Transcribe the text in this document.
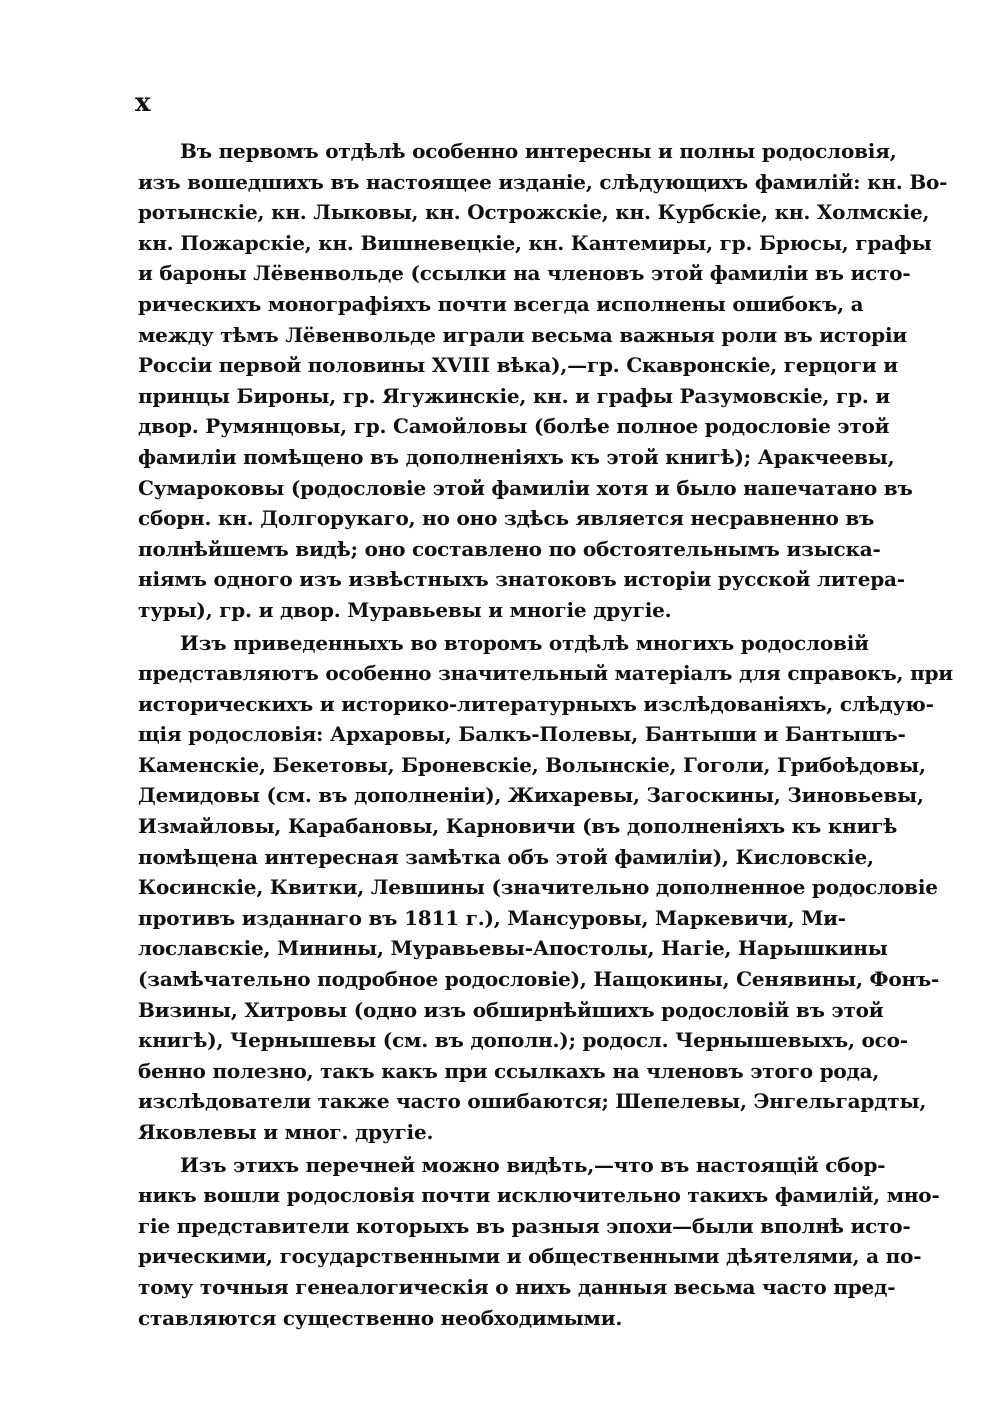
x
Въ первомъ отдѣлѣ особенно интересны и полны родословія,
изъ вошедшихъ въ настоящее изданіе, слѣдующихъ фамилій: кн. Во-
ротынскіе, кн. Лыковы, кн. Острожскіе, кн. Курбскіе, кн. Холмскіе,
кн. Пожарскіе, кн. Вишневецкіе, кн. Кантемиры, гр. Брюсы, графы
и бароны Лёвенвольде (ссылки на членовъ этой фамиліи въ исто-
рическихъ монографіяхъ почти всегда исполнены ошибокъ, а
между тѣмъ Лёвенвольде играли весьма важныя роли въ исторіи
Россіи первой половины XVIII вѣка),—гр. Скавронскіе, герцоги и
принцы Бироны, гр. Ягужинскіе, кн. и графы Разумовскіе, гр. и
двор. Румянцовы, гр. Самойловы (болѣе полное родословіе этой
фамиліи помѣщено въ дополненіяхъ къ этой книгѣ); Аракчеевы,
Сумароковы (родословіе этой фамиліи хотя и было напечатано въ
сборн. кн. Долгорукаго, но оно здѣсь является несравненно въ
полнѣйшемъ видѣ; оно составлено по обстоятельнымъ изыска-
ніямъ одного изъ извѣстныхъ знатоковъ исторіи русской литера-
туры), гр. и двор. Муравьевы и многіе другіе.
Изъ приведенныхъ во второмъ отдѣлѣ многихъ родословій
представляютъ особенно значительный матеріалъ для справокъ, при
историческихъ и историко-литературныхъ изслѣдованіяхъ, слѣдую-
щія родословія: Архаровы, Балкъ-Полевы, Бантыши и Бантышъ-
Каменскіе, Бекетовы, Броневскіе, Волынскіе, Гоголи, Грибоѣдовы,
Демидовы (см. въ дополненіи), Жихаревы, Загоскины, Зиновьевы,
Измайловы, Карабановы, Карновичи (въ дополненіяхъ къ книгѣ
помѣщена интересная замѣтка объ этой фамиліи), Кисловскіе,
Косинскіе, Квитки, Левшины (значительно дополненное родословіе
противъ изданнаго въ 1811 г.), Мансуровы, Маркевичи, Ми-
лославскіе, Минины, Муравьевы-Апостолы, Нагіе, Нарышкины
(замѣчательно подробное родословіе), Нащокины, Сенявины, Фонъ-
Визины, Хитровы (одно изъ обширнѣйшихъ родословій въ этой
книгѣ), Чернышевы (см. въ дополн.); родосл. Чернышевыхъ, осо-
бенно полезно, такъ какъ при ссылкахъ на членовъ этого рода,
изслѣдователи также часто ошибаются; Шепелевы, Энгельгардты,
Яковлевы и мног. другіе.
Изъ этихъ перечней можно видѣть,—что въ настоящій сбор-
никъ вошли родословія почти исключительно такихъ фамилій, мно-
гіе представители которыхъ въ разныя эпохи—были вполнѣ исто-
рическими, государственными и общественными дѣятелями, а по-
тому точныя генеалогическія о нихъ данныя весьма часто пред-
ставляются существенно необходимыми.
